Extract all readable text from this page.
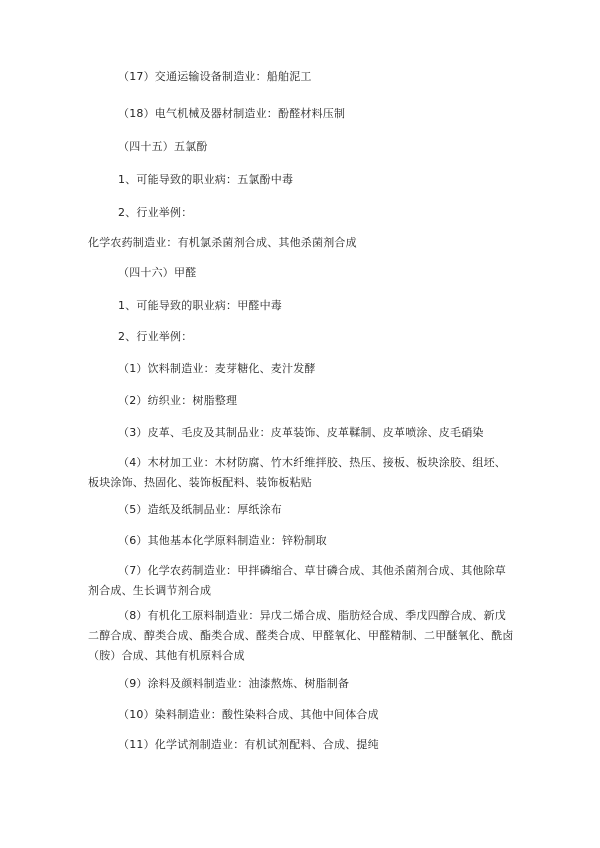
（17）交通运输设备制造业：船舶泥工
（18）电气机械及器材制造业：酚醛材料压制
（四十五）五氯酚
1、可能导致的职业病：五氯酚中毒
2、行业举例：
化学农药制造业：有机氯杀菌剂合成、其他杀菌剂合成
（四十六）甲醛
1、可能导致的职业病：甲醛中毒
2、行业举例：
（1）饮料制造业：麦芽糖化、麦汁发酵
（2）纺织业：树脂整理
（3）皮革、毛皮及其制品业：皮革装饰、皮革鞣制、皮革喷涂、皮毛硝染
（4）木材加工业：木材防腐、竹木纤维拌胶、热压、接板、板块涂胶、组坯、板块涂饰、热固化、装饰板配料、装饰板粘贴
（5）造纸及纸制品业：厚纸涂布
（6）其他基本化学原料制造业：锌粉制取
（7）化学农药制造业：甲拌磷缩合、草甘磷合成、其他杀菌剂合成、其他除草剂合成、生长调节剂合成
（8）有机化工原料制造业：异戊二烯合成、脂肪烃合成、季戊四醇合成、新戊二醇合成、醇类合成、酯类合成、醛类合成、甲醛氧化、甲醛精制、二甲醚氧化、酰卤（胺）合成、其他有机原料合成
（9）涂料及颜料制造业：油漆熬炼、树脂制备
（10）染料制造业：酸性染料合成、其他中间体合成
（11）化学试剂制造业：有机试剂配料、合成、提纯
